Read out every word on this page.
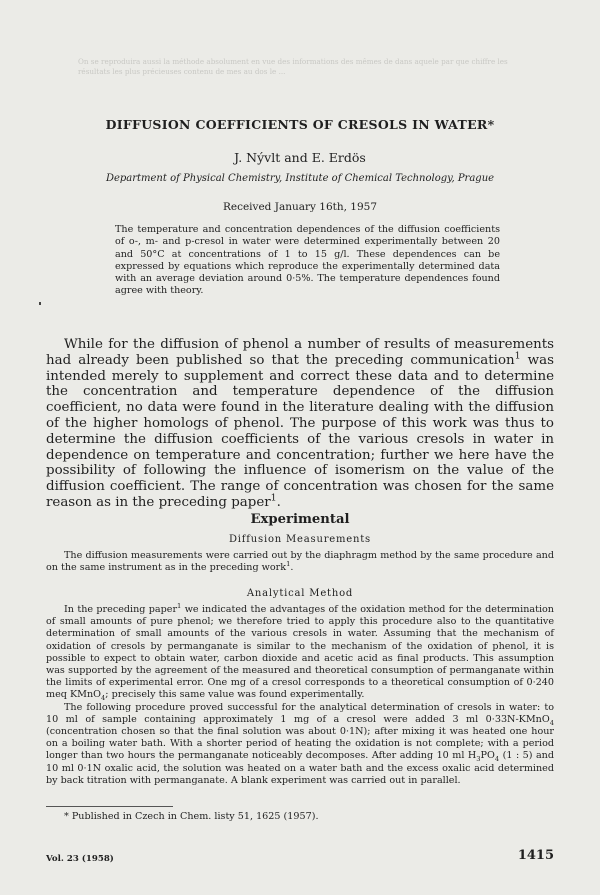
On se reproduira aussi la méthode absolument en vue des informations des mêmes de dans aquele par que chiffre les résultats les plus précieuses contenu de mes au dos le ...
DIFFUSION COEFFICIENTS OF CRESOLS IN WATER*
J. Nývlt and E. Erdös
Department of Physical Chemistry, Institute of Chemical Technology, Prague
Received January 16th, 1957
The temperature and concentration dependences of the diffusion coefficients of o-, m- and p-cresol in water were determined experimentally between 20 and 50°C at concentrations of 1 to 15 g/l. These dependences can be expressed by equations which reproduce the experimentally determined data with an average deviation around 0·5%. The temperature dependences found agree with theory.
While for the diffusion of phenol a number of results of measurements had already been published so that the preceding communication$^1$ was intended merely to supplement and correct these data and to determine the concentration and temperature dependence of the diffusion coefficient, no data were found in the literature dealing with the diffusion of the higher homologs of phenol. The purpose of this work was thus to determine the diffusion coefficients of the various cresols in water in dependence on temperature and concentration; further we here have the possibility of following the influence of isomerism on the value of the diffusion coefficient. The range of concentration was chosen for the same reason as in the preceding paper$^1$.
Experimental
Diffusion Measurements
The diffusion measurements were carried out by the diaphragm method by the same procedure and on the same instrument as in the preceding work$^1$.
Analytical Method
In the preceding paper$^1$ we indicated the advantages of the oxidation method for the determination of small amounts of pure phenol; we therefore tried to apply this procedure also to the quantitative determination of small amounts of the various cresols in water. Assuming that the mechanism of oxidation of cresols by permanganate is similar to the mechanism of the oxidation of phenol, it is possible to expect to obtain water, carbon dioxide and acetic acid as final products. This assumption was supported by the agreement of the measured and theoretical consumption of permanganate within the limits of experimental error. One mg of a cresol corresponds to a theoretical consumption of 0·240 meq KMnO$_4$; precisely this same value was found experimentally.
The following procedure proved successful for the analytical determination of cresols in water: to 10 ml of sample containing approximately 1 mg of a cresol were added 3 ml 0·33N-KMnO$_4$ (concentration chosen so that the final solution was about 0·1N); after mixing it was heated one hour on a boiling water bath. With a shorter period of heating the oxidation is not complete; with a period longer than two hours the permanganate noticeably decomposes. After adding 10 ml $H_3PO_4$ (1 : 5) and 10 ml 0·1N oxalic acid, the solution was heated on a water bath and the excess oxalic acid determined by back titration with permanganate. A blank experiment was carried out in parallel.
* Published in Czech in Chem. listy 51, 1625 (1957).
Vol. 23 (1958)	1415
